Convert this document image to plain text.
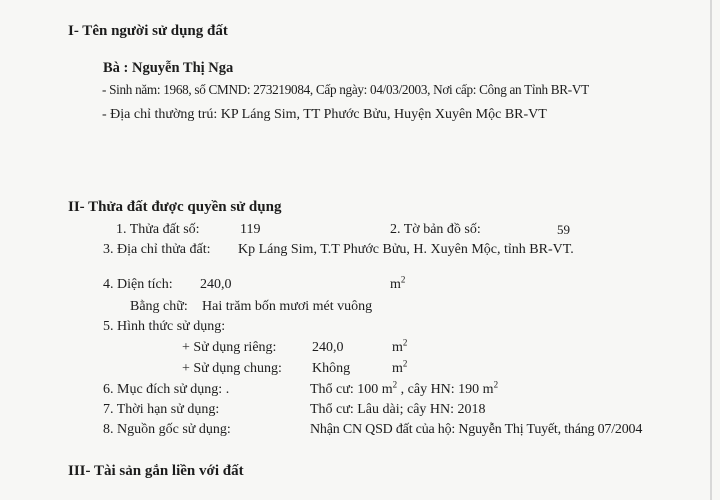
I- Tên người sử dụng đất
Bà : Nguyễn Thị Nga
- Sinh năm: 1968, số CMND: 273219084, Cấp ngày: 04/03/2003, Nơi cấp: Công an Tỉnh BR-VT
- Địa chỉ thường trú: KP Láng Sim, TT Phước Bửu, Huyện Xuyên Mộc BR-VT
II- Thửa đất được quyền sử dụng
1. Thửa đất số:	119	2. Tờ bản đồ số:	59
3. Địa chỉ thửa đất: Kp Láng Sim, T.T Phước Bửu, H. Xuyên Mộc, tỉnh BR-VT.
4. Diện tích: 240,0	$m^2$
Bằng chữ: Hai trăm bốn mươi mét vuông
5. Hình thức sử dụng:
+ Sử dụng riêng:	240,0	$m^2$
+ Sử dụng chung: Không	$m^2$
6. Mục đích sử dụng: .	Thổ cư: 100 $m^2$ , cây HN: 190 $m^2$
7. Thời hạn sử dụng:	Thổ cư: Lâu dài; cây HN: 2018
8. Nguồn gốc sử dụng:	Nhận CN QSD đất của hộ: Nguyễn Thị Tuyết, tháng 07/2004
III- Tài sản gắn liền với đất
